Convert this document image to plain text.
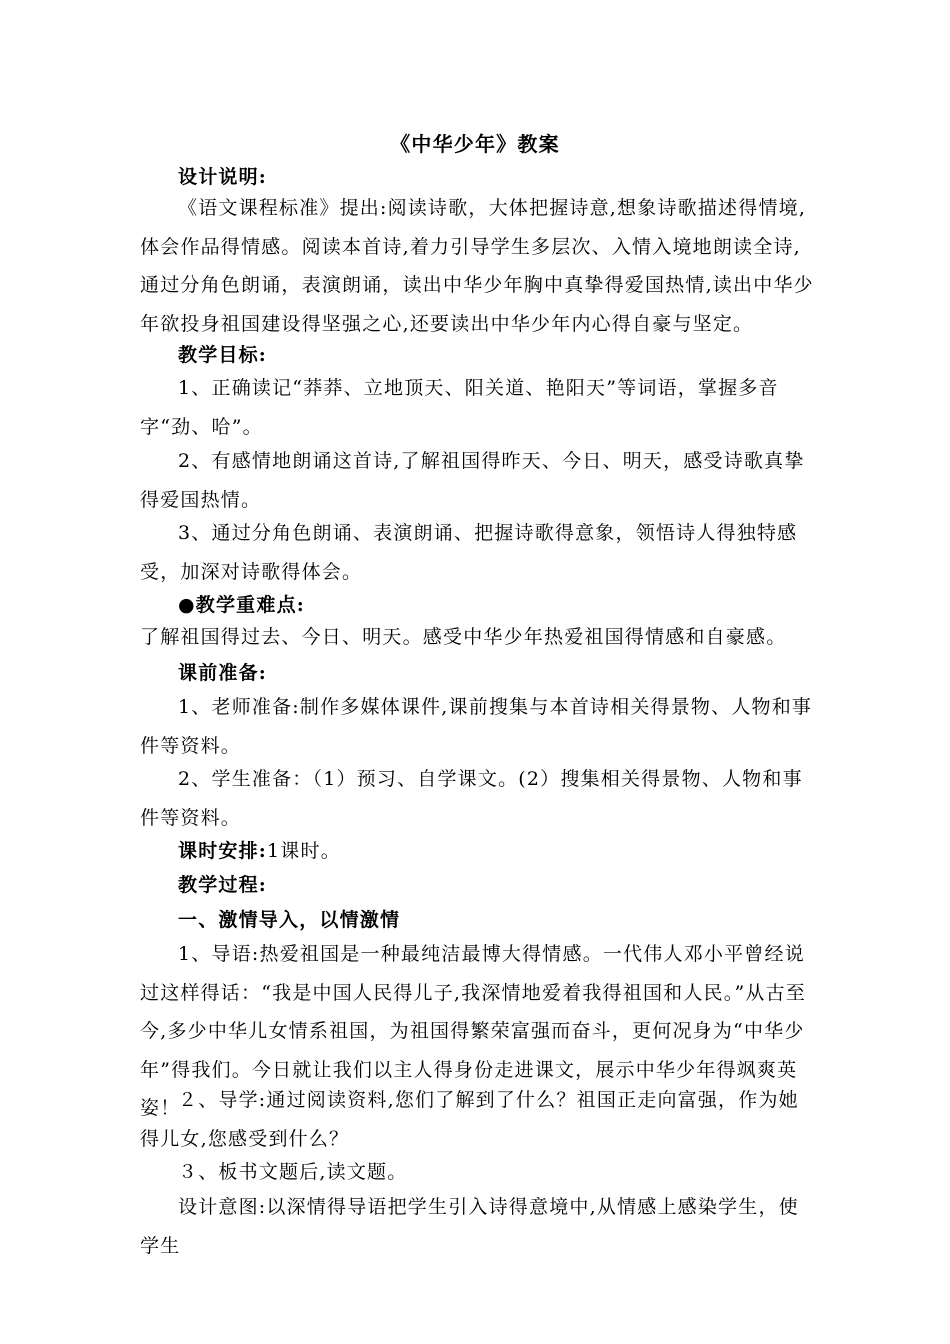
《中华少年》教案

设计说明:

《语文课程标准》提出:阅读诗歌，大体把握诗意,想象诗歌描述得情境,体会作品得情感。阅读本首诗,着力引导学生多层次、入情入境地朗读全诗,通过分角色朗诵，表演朗诵，读出中华少年胸中真挚得爱国热情,读出中华少年欲投身祖国建设得坚强之心,还要读出中华少年内心得自豪与坚定。

教学目标:

1、正确读记“莽莽、立地顶天、阳关道、艳阳天”等词语，掌握多音字“劲、哈”。

2、有感情地朗诵这首诗,了解祖国得昨天、今日、明天，感受诗歌真挚得爱国热情。

3、通过分角色朗诵、表演朗诵、把握诗歌得意象，领悟诗人得独特感受，加深对诗歌得体会。

●教学重难点:

了解祖国得过去、今日、明天。感受中华少年热爱祖国得情感和自豪感。

课前准备:

1、老师准备:制作多媒体课件,课前搜集与本首诗相关得景物、人物和事件等资料。

2、学生准备：（1）预习、自学课文。(2）搜集相关得景物、人物和事件等资料。

课时安排:1课时。

教学过程:

一、激情导入，以情激情

1、导语:热爱祖国是一种最纯洁最博大得情感。一代伟人邓小平曾经说过这样得话：“我是中国人民得儿子,我深情地爱着我得祖国和人民。”从古至今,多少中华儿女情系祖国，为祖国得繁荣富强而奋斗，更何况身为“中华少年”得我们。今日就让我们以主人得身份走进课文，展示中华少年得飒爽英姿！

２、导学:通过阅读资料,您们了解到了什么？祖国正走向富强，作为她得儿女,您感受到什么？

３、板书文题后,读文题。

设计意图:以深情得导语把学生引入诗得意境中,从情感上感染学生，使学生
